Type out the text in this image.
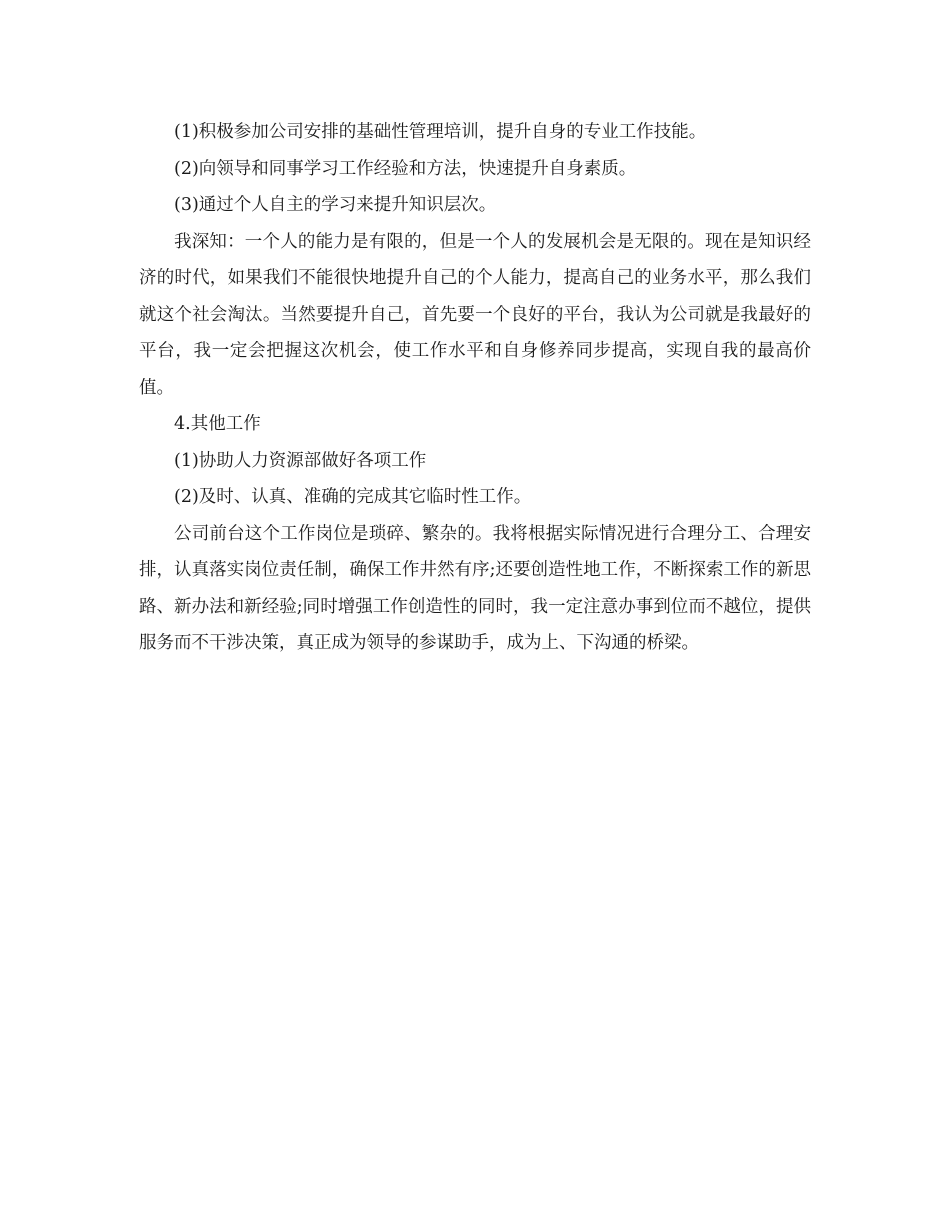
(1)积极参加公司安排的基础性管理培训，提升自身的专业工作技能。

(2)向领导和同事学习工作经验和方法，快速提升自身素质。

(3)通过个人自主的学习来提升知识层次。

我深知：一个人的能力是有限的，但是一个人的发展机会是无限的。现在是知识经济的时代，如果我们不能很快地提升自己的个人能力，提高自己的业务水平，那么我们就这个社会淘汰。当然要提升自己，首先要一个良好的平台，我认为公司就是我最好的平台，我一定会把握这次机会，使工作水平和自身修养同步提高，实现自我的最高价值。

4.其他工作

(1)协助人力资源部做好各项工作

(2)及时、认真、准确的完成其它临时性工作。

公司前台这个工作岗位是琐碎、繁杂的。我将根据实际情况进行合理分工、合理安排，认真落实岗位责任制，确保工作井然有序;还要创造性地工作，不断探索工作的新思路、新办法和新经验;同时增强工作创造性的同时，我一定注意办事到位而不越位，提供服务而不干涉决策，真正成为领导的参谋助手，成为上、下沟通的桥梁。
